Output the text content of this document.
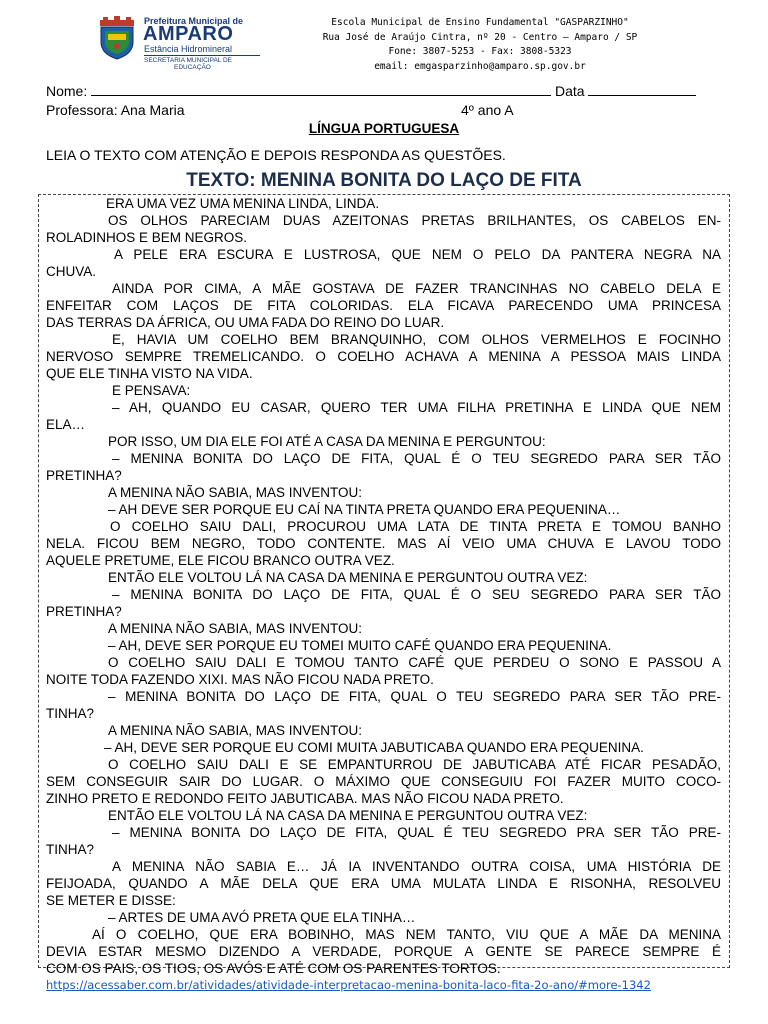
Prefeitura Municipal de
AMPARO
Estância Hidromineral
SECRETARIA MUNICIPAL DE
EDUCAÇÃO
Escola Municipal de Ensino Fundamental "GASPARZINHO"
Rua José de Araújo Cintra, nº 20 - Centro – Amparo / SP
Fone: 3807-5253 - Fax: 3808-5323
email: emgasparzinho@amparo.sp.gov.br
Nome:	Data
Professora: Ana Maria	4º ano A
LÍNGUA PORTUGUESA
LEIA O TEXTO COM ATENÇÃO E DEPOIS RESPONDA AS QUESTÕES.
TEXTO: MENINA BONITA DO LAÇO DE FITA
ERA UMA VEZ UMA MENINA LINDA, LINDA.
OS OLHOS PARECIAM DUAS AZEITONAS PRETAS BRILHANTES, OS CABELOS EN-
ROLADINHOS E BEM NEGROS.
A PELE ERA ESCURA E LUSTROSA, QUE NEM O PELO DA PANTERA NEGRA NA
CHUVA.
AINDA POR CIMA, A MÃE GOSTAVA DE FAZER TRANCINHAS NO CABELO DELA E
ENFEITAR COM LAÇOS DE FITA COLORIDAS. ELA FICAVA PARECENDO UMA PRINCESA
DAS TERRAS DA ÁFRICA, OU UMA FADA DO REINO DO LUAR.
E, HAVIA UM COELHO BEM BRANQUINHO, COM OLHOS VERMELHOS E FOCINHO
NERVOSO SEMPRE TREMELICANDO. O COELHO ACHAVA A MENINA A PESSOA MAIS LINDA
QUE ELE TINHA VISTO NA VIDA.
E PENSAVA:
– AH, QUANDO EU CASAR, QUERO TER UMA FILHA PRETINHA E LINDA QUE NEM
ELA…
POR ISSO, UM DIA ELE FOI ATÉ A CASA DA MENINA E PERGUNTOU:
– MENINA BONITA DO LAÇO DE FITA, QUAL É O TEU SEGREDO PARA SER TÃO
PRETINHA?
A MENINA NÃO SABIA, MAS INVENTOU:
– AH DEVE SER PORQUE EU CAÍ NA TINTA PRETA QUANDO ERA PEQUENINA…
O COELHO SAIU DALI, PROCUROU UMA LATA DE TINTA PRETA E TOMOU BANHO
NELA. FICOU BEM NEGRO, TODO CONTENTE. MAS AÍ VEIO UMA CHUVA E LAVOU TODO
AQUELE PRETUME, ELE FICOU BRANCO OUTRA VEZ.
ENTÃO ELE VOLTOU LÁ NA CASA DA MENINA E PERGUNTOU OUTRA VEZ:
– MENINA BONITA DO LAÇO DE FITA, QUAL É O SEU SEGREDO PARA SER TÃO
PRETINHA?
A MENINA NÃO SABIA, MAS INVENTOU:
– AH, DEVE SER PORQUE EU TOMEI MUITO CAFÉ QUANDO ERA PEQUENINA.
O COELHO SAIU DALI E TOMOU TANTO CAFÉ QUE PERDEU O SONO E PASSOU A
NOITE TODA FAZENDO XIXI. MAS NÃO FICOU NADA PRETO.
– MENINA BONITA DO LAÇO DE FITA, QUAL O TEU SEGREDO PARA SER TÃO PRE-
TINHA?
A MENINA NÃO SABIA, MAS INVENTOU:
– AH, DEVE SER PORQUE EU COMI MUITA JABUTICABA QUANDO ERA PEQUENINA.
O COELHO SAIU DALI E SE EMPANTURROU DE JABUTICABA ATÉ FICAR PESADÃO,
SEM CONSEGUIR SAIR DO LUGAR. O MÁXIMO QUE CONSEGUIU FOI FAZER MUITO COCO-
ZINHO PRETO E REDONDO FEITO JABUTICABA. MAS NÃO FICOU NADA PRETO.
ENTÃO ELE VOLTOU LÁ NA CASA DA MENINA E PERGUNTOU OUTRA VEZ:
– MENINA BONITA DO LAÇO DE FITA, QUAL É TEU SEGREDO PRA SER TÃO PRE-
TINHA?
A MENINA NÃO SABIA E… JÁ IA INVENTANDO OUTRA COISA, UMA HISTÓRIA DE
FEIJOADA, QUANDO A MÃE DELA QUE ERA UMA MULATA LINDA E RISONHA, RESOLVEU
SE METER E DISSE:
– ARTES DE UMA AVÓ PRETA QUE ELA TINHA…
AÍ O COELHO, QUE ERA BOBINHO, MAS NEM TANTO, VIU QUE A MÃE DA MENINA
DEVIA ESTAR MESMO DIZENDO A VERDADE, PORQUE A GENTE SE PARECE SEMPRE É
COM OS PAIS, OS TIOS, OS AVÓS E ATÉ COM OS PARENTES TORTOS.
https://acessaber.com.br/atividades/atividade-interpretacao-menina-bonita-laco-fita-2o-ano/#more-1342
